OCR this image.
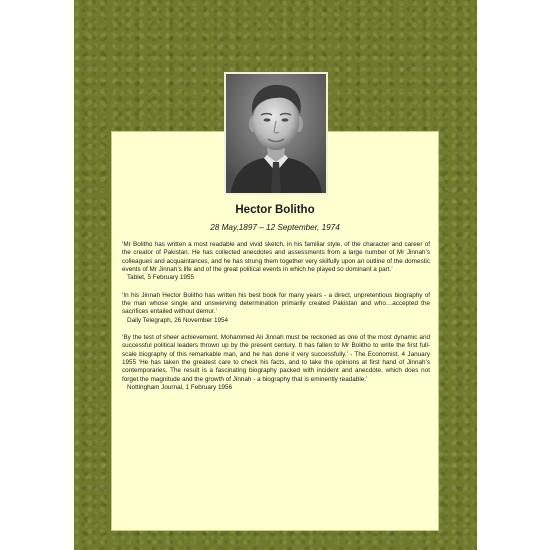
Hector Bolitho
28 May,1897 – 12 September, 1974
‘Mr Bolitho has written a most readable and vivid sketch, in his familiar style, of the character and career of the creator of Pakistan. He has collected anecdotes and assessments from a large number of Mr Jinnah’s colleagues and acquaintances, and he has strung them together very skilfully upon an outline of the domestic events of Mr Jinnah’s life and of the great political events in which he played so dominant a part.’
Tablet, 5 February 1955
‘In his Jinnah Hector Bolitho has written his best book for many years - a direct, unpretentious biography of the man whose single and unswerving determination primarily created Pakistan and who…accepted the sacrifices entailed without demur.’
Daily Telegraph, 26 November 1954
‘By the test of sheer achievement, Mohammed Ali Jinnah must be reckoned as one of the most dynamic and successful political leaders thrown up by the present century. It has fallen to Mr Bolitho to write the first full-scale biography of this remarkable man, and he has done it very successfully.’ - The Economist, 4 January 1955 ‘He has taken the greatest care to check his facts, and to take the opinions at first hand of Jinnah’s contemporaries. The result is a fascinating biography packed with incident and anecdote, which does not forget the magnitude and the growth of Jinnah - a biography that is eminently readable.’
Nottingham Journal, 1 February 1956
